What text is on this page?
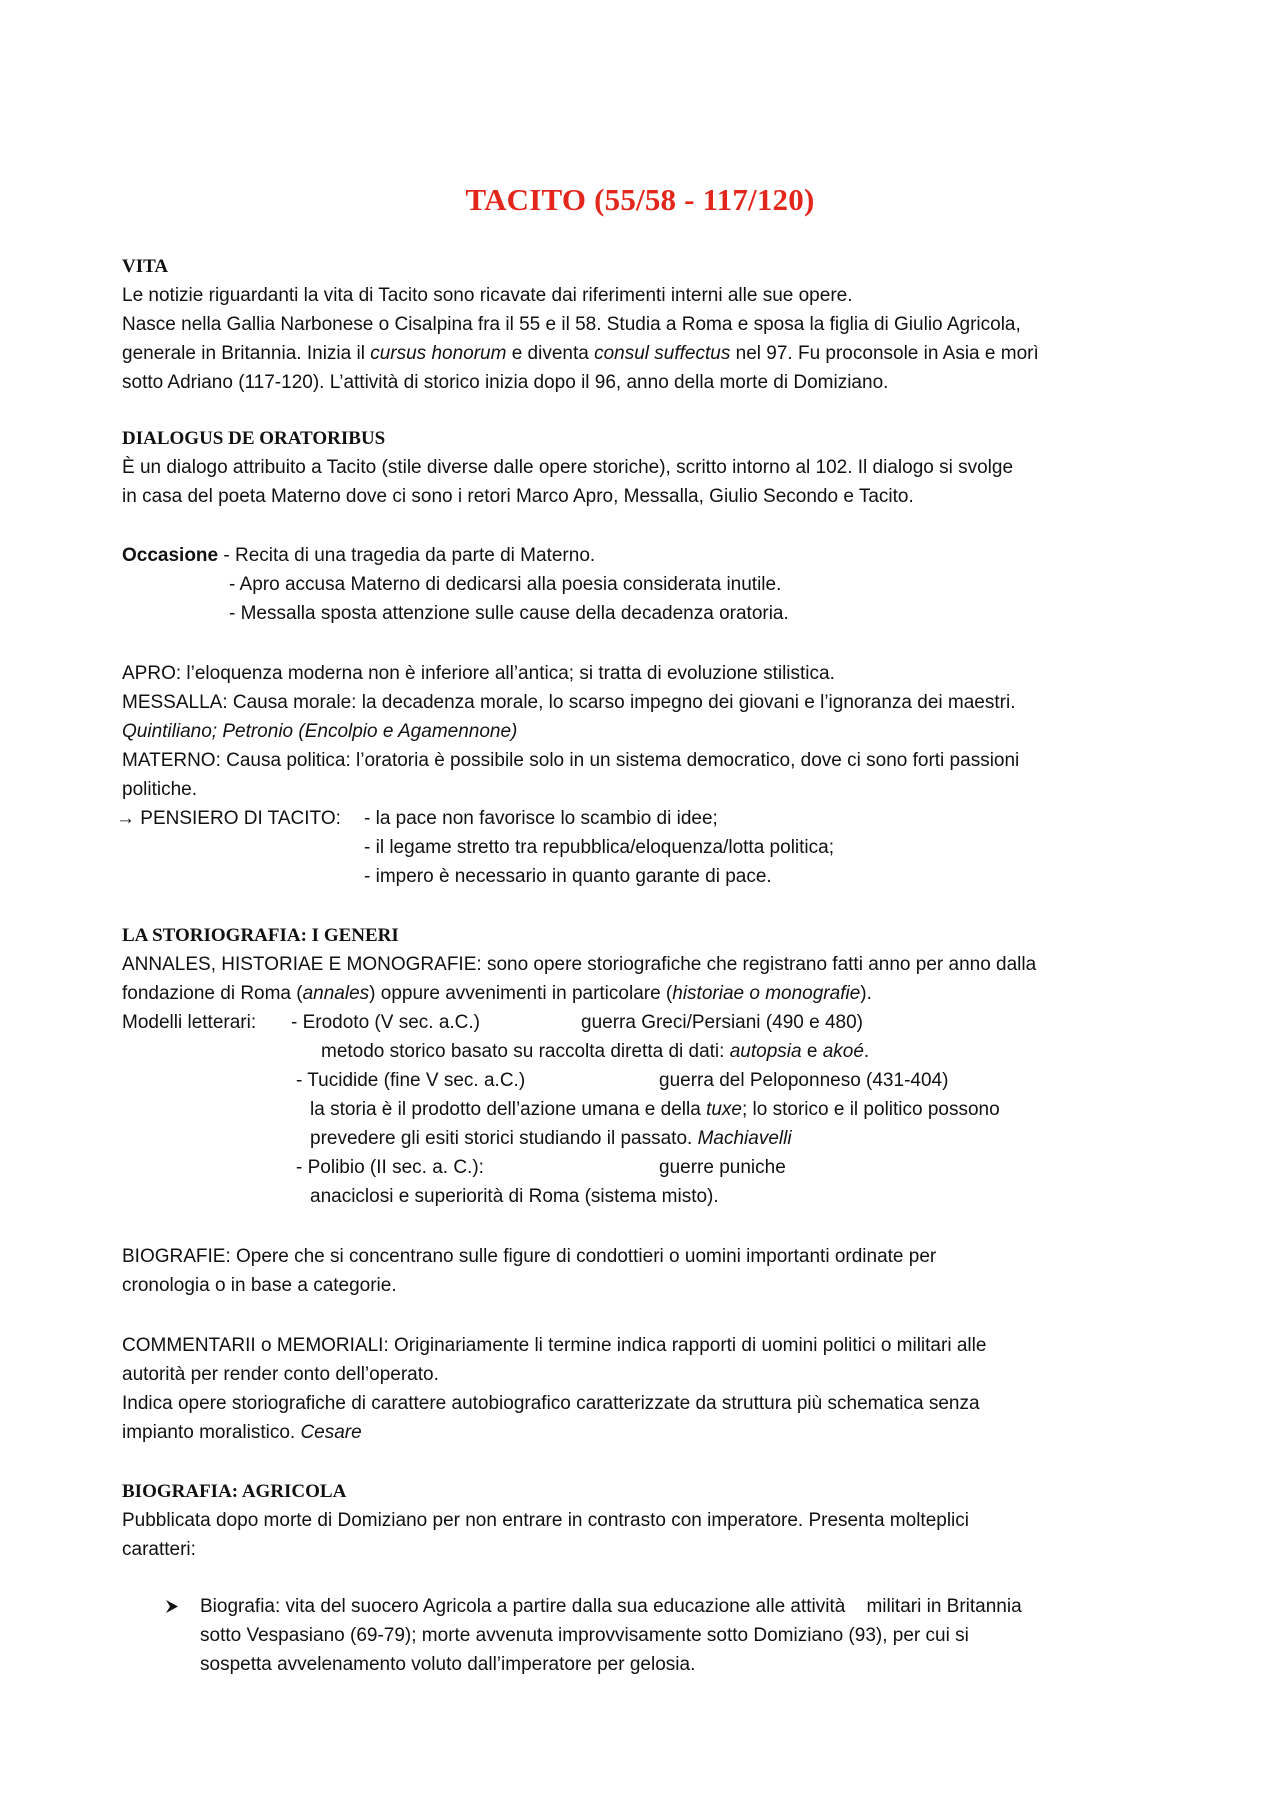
TACITO (55/58 - 117/120)
VITA
Le notizie riguardanti la vita di Tacito sono ricavate dai riferimenti interni alle sue opere.
Nasce nella Gallia Narbonese o Cisalpina fra il 55 e il 58. Studia a Roma e sposa la figlia di Giulio Agricola,
generale in Britannia. Inizia il cursus honorum e diventa consul suffectus nel 97. Fu proconsole in Asia e morì
sotto Adriano (117-120). L’attività di storico inizia dopo il 96, anno della morte di Domiziano.
DIALOGUS DE ORATORIBUS
È un dialogo attribuito a Tacito (stile diverse dalle opere storiche), scritto intorno al 102. Il dialogo si svolge
in casa del poeta Materno dove ci sono i retori Marco Apro, Messalla, Giulio Secondo e Tacito.
Occasione - Recita di una tragedia da parte di Materno.
- Apro accusa Materno di dedicarsi alla poesia considerata inutile.
- Messalla sposta attenzione sulle cause della decadenza oratoria.
APRO: l’eloquenza moderna non è inferiore all’antica; si tratta di evoluzione stilistica.
MESSALLA: Causa morale: la decadenza morale, lo scarso impegno dei giovani e l’ignoranza dei maestri.
Quintiliano; Petronio (Encolpio e Agamennone)
MATERNO: Causa politica: l’oratoria è possibile solo in un sistema democratico, dove ci sono forti passioni
politiche.
→ PENSIERO DI TACITO: - la pace non favorisce lo scambio di idee;
- il legame stretto tra repubblica/eloquenza/lotta politica;
- impero è necessario in quanto garante di pace.
LA STORIOGRAFIA: I GENERI
ANNALES, HISTORIAE E MONOGRAFIE: sono opere storiografiche che registrano fatti anno per anno dalla
fondazione di Roma (annales) oppure avvenimenti in particolare (historiae o monografie).
Modelli letterari: - Erodoto (V sec. a.C.)	guerra Greci/Persiani (490 e 480)
metodo storico basato su raccolta diretta di dati: autopsia e akoé.
- Tucidide (fine V sec. a.C.)	guerra del Peloponneso (431-404)
la storia è il prodotto dell’azione umana e della tuxe; lo storico e il politico possono
prevedere gli esiti storici studiando il passato. Machiavelli
- Polibio (II sec. a. C.):	guerre puniche
anaciclosi e superiorità di Roma (sistema misto).
BIOGRAFIE: Opere che si concentrano sulle figure di condottieri o uomini importanti ordinate per
cronologia o in base a categorie.
COMMENTARII o MEMORIALI: Originariamente li termine indica rapporti di uomini politici o militari alle
autorità per render conto dell’operato.
Indica opere storiografiche di carattere autobiografico caratterizzate da struttura più schematica senza
impianto moralistico. Cesare
BIOGRAFIA: AGRICOLA
Pubblicata dopo morte di Domiziano per non entrare in contrasto con imperatore. Presenta molteplici
caratteri:
Biografia: vita del suocero Agricola a partire dalla sua educazione alle attività    militari in Britannia
sotto Vespasiano (69-79); morte avvenuta improvvisamente sotto Domiziano (93), per cui si
sospetta avvelenamento voluto dall’imperatore per gelosia.
